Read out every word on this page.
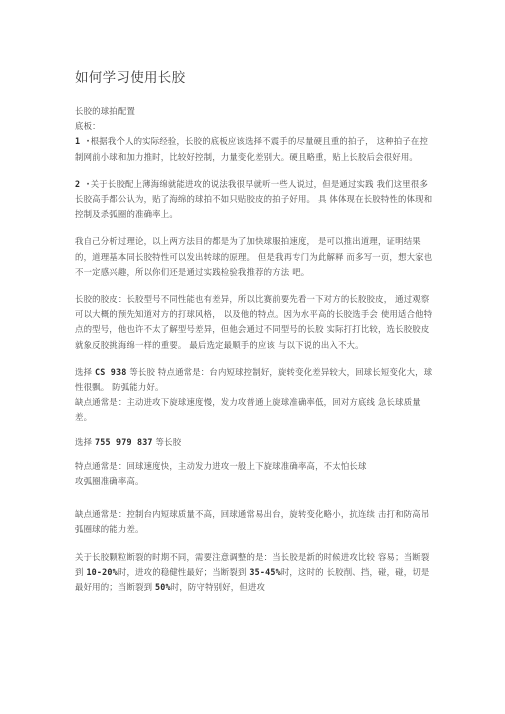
如何学习使用长胶

长胶的球拍配置

底板：

1 ·根据我个人的实际经验，长胶的底板应该选择不震手的尽量硬且重的拍子， 这种拍子在控制网前小球和加力推时，比较好控制，力量变化差别大。硬且略重，贴上长胶后会很好用。

2 ·关于长胶配上薄海绵就能进攻的说法我很早就听一些人说过，但是通过实践 我们这里很多长胶高手都公认为，贴了海绵的球拍不如只贴胶皮的拍子好用。 具 体体现在长胶特性的体现和控制及杀弧圈的准确率上。

我自己分析过理论，以上两方法目的都是为了加快球服拍速度， 是可以推出道理，证明结果的，道理基本同长胶特性可以发出转球的原理。 但是我再专门为此解释 而多写一页，想大家也不一定感兴趣，所以你们还是通过实践检验我推荐的方法 吧。

长胶的胶皮：长胶型号不同性能也有差异，所以比赛前要先看一下对方的长胶胶皮， 通过观察 可以大概的预先知道对方的打球风格， 以及他的特点。因为水平高的长胶选手会 使用适合他特点的型号，他也许不太了解型号差异，但他会通过不同型号的长胶 实际打打比较，选长胶胶皮就象反胶挑海绵一样的重要。 最后选定最顺手的应该 与以下说的出入不大。

选择 CS 938 等长胶 特点通常是：台内短球控制好，旋转变化差异较大，回球长短变化大，球性很飘。 防弧能力好。

缺点通常是：主动进攻下旋球速度慢，发力攻普通上旋球准确率低，回对方底线 急长球质量差。

选择 755 979 837 等长胶

特点通常是：回球速度快，主动发力进攻一般上下旋球准确率高，不太怕长球

攻弧圈准确率高。

缺点通常是：控制台内短球质量不高，回球通常易出台，旋转变化略小，抗连续 击打和防高吊弧圈球的能力差。

关于长胶颗粒断裂的时期不同，需要注意调整的是：当长胶是新的时候进攻比较 容易；当断裂到 10-20%时，进攻的稳健性最好；当断裂到 35-45%时，这时的 长胶削、挡，碰，碰，切是最好用的；当断裂到 50%时，防守特别好，但进攻
